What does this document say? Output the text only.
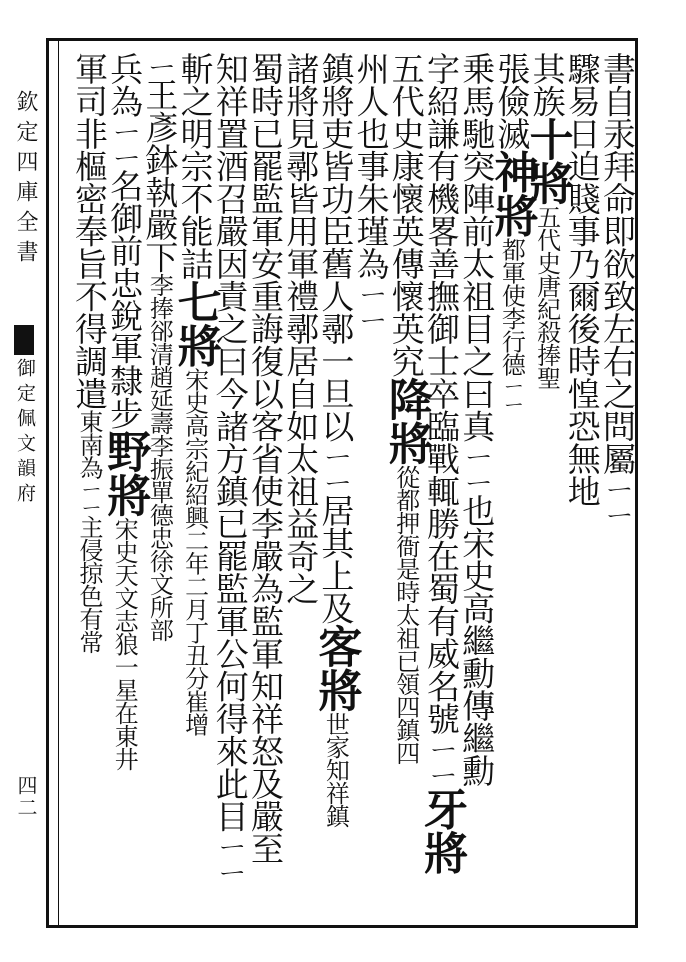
欽定四庫全書
御定佩文韻府
四二
書自汞拜命即欲致左右之問屬ㄧㄧ
驟易日迫賤事乃爾後時惶恐無地
其族十將五代史唐紀殺捧聖
張儉滅神將都軍使李行德ㄧㄧ
乗馬馳突陣前太祖目之曰真ㄧㄧ也宋史高繼勳傳繼勳
字紹謙有機畧善撫御士卒臨戰輒勝在蜀有威名號ㄧㄧ牙將
五代史康懷英傳懷英究降將從都押衙是時太祖已領四鎮四
州人也事朱瑾為ㄧㄧ
鎮將吏皆功臣舊人鄩一旦以ㄧㄧ居其上及客將世家知祥鎮
諸將見鄩皆用軍禮鄩居自如太祖益奇之
蜀時已罷監軍安重誨復以客省使李嚴為監軍知祥怒及嚴至
知祥置酒召嚴因責之曰今諸方鎮已罷監軍公何得來此目ㄧㄧ
斬之明宗不能詰七將宋史高宗紀紹興二年二月丁丑分崔增
ㄧ王彥鉢執嚴下李捧郤清趙延壽李振單德忠徐文所部
兵為ㄧㄧ名御前忠銳軍隸步野將宋史天文志狼一星在東井
軍司非樞密奉旨不得調遣東南為ㄧㄧ主侵掠色有常
